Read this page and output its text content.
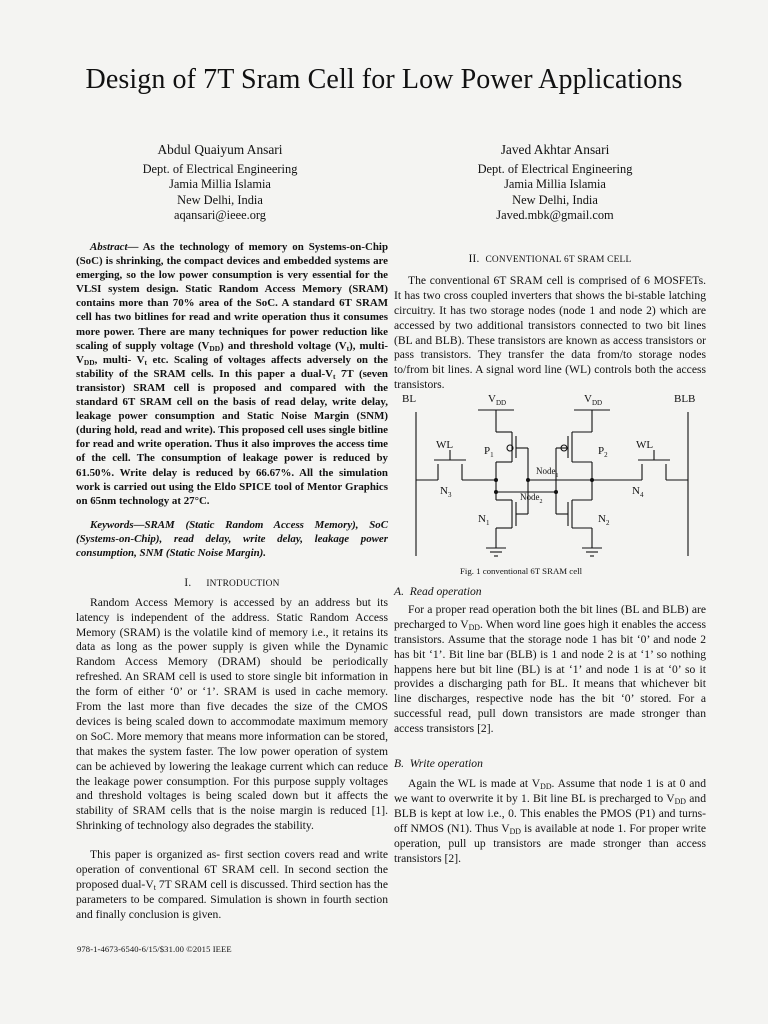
Design of 7T Sram Cell for Low Power Applications
Abdul Quaiyum Ansari
Dept. of Electrical Engineering
Jamia Millia Islamia
New Delhi, India
aqansari@ieee.org
Javed Akhtar Ansari
Dept. of Electrical Engineering
Jamia Millia Islamia
New Delhi, India
Javed.mbk@gmail.com

Abstract— As the technology of memory on Systems-on-Chip (SoC) is shrinking, the compact devices and embedded systems are emerging, so the low power consumption is very essential for the VLSI system design. Static Random Access Memory (SRAM) contains more than 70% area of the SoC. A standard 6T SRAM cell has two bitlines for read and write operation thus it consumes more power. There are many techniques for power reduction like scaling of supply voltage $(V_{DD})$ and threshold voltage $(V_t)$, multi- $V_{DD}$, multi- $V_t$ etc. Scaling of voltages affects adversely on the stability of the SRAM cells. In this paper a dual-$V_t$ 7T (seven transistor) SRAM cell is proposed and compared with the standard 6T SRAM cell on the basis of read delay, write delay, leakage power consumption and Static Noise Margin (SNM) (during hold, read and write). This proposed cell uses single bitline for read and write operation. Thus it also improves the access time of the cell. The consumption of leakage power is reduced by 61.50%. Write delay is reduced by 66.67%. All the simulation work is carried out using the Eldo SPICE tool of Mentor Graphics on 65nm technology at 27°C.

Keywords—SRAM (Static Random Access Memory), SoC (Systems-on-Chip), read delay, write delay, leakage power consumption, SNM (Static Noise Margin).

I. INTRODUCTION

Random Access Memory is accessed by an address but its latency is independent of the address. Static Random Access Memory (SRAM) is the volatile kind of memory i.e., it retains its data as long as the power supply is given while the Dynamic Random Access Memory (DRAM) should be periodically refreshed. An SRAM cell is used to store single bit information in the form of either ‘0’ or ‘1’. SRAM is used in cache memory. From the last more than five decades the size of the CMOS devices is being scaled down to accommodate maximum memory on SoC. More memory that means more information can be stored, that makes the system faster. The low power operation of system can be achieved by lowering the leakage current which can reduce the leakage power consumption. For this purpose supply voltages and threshold voltages is being scaled down but it affects the stability of SRAM cells that is the noise margin is reduced [1]. Shrinking of technology also degrades the stability.

This paper is organized as- first section covers read and write operation of conventional 6T SRAM cell. In second section the proposed dual-$V_t$ 7T SRAM cell is discussed. Third section has the parameters to be compared. Simulation is shown in fourth section and finally conclusion is given.

II. CONVENTIONAL 6T SRAM CELL

The conventional 6T SRAM cell is comprised of 6 MOSFETs. It has two cross coupled inverters that shows the bi-stable latching circuitry. It has two storage nodes (node 1 and node 2) which are accessed by two additional transistors connected to two bit lines (BL and BLB). These transistors are known as access transistors or pass transistors. They transfer the data from/to storage nodes to/from bit lines. A signal word line (WL) controls both the access transistors.

BL	BLB
$V_{DD}$	$V_{DD}$
WL	WL
$P_1$	$P_2$
Node$_1$
Node$_2$
$N_3$	$N_4$
$N_1$	$N_2$
Fig. 1 conventional 6T SRAM cell
A. Read operation

For a proper read operation both the bit lines (BL and BLB) are precharged to $V_{DD}$. When word line goes high it enables the access transistors. Assume that the storage node 1 has bit ‘0’ and node 2 has bit ‘1’. Bit line bar (BLB) is 1 and node 2 is at ‘1’ so nothing happens here but bit line (BL) is at ‘1’ and node 1 is at ‘0’ so it provides a discharging path for BL. It means that whichever bit line discharges, respective node has the bit ‘0’ stored. For a successful read, pull down transistors are made stronger than access transistors [2].

B. Write operation

Again the WL is made at $V_{DD}$. Assume that node 1 is at 0 and we want to overwrite it by 1. Bit line BL is precharged to $V_{DD}$ and BLB is kept at low i.e., 0. This enables the PMOS (P1) and turns-off NMOS (N1). Thus $V_{DD}$ is available at node 1. For proper write operation, pull up transistors are made stronger than access transistors [2].

978-1-4673-6540-6/15/$31.00 ©2015 IEEE
